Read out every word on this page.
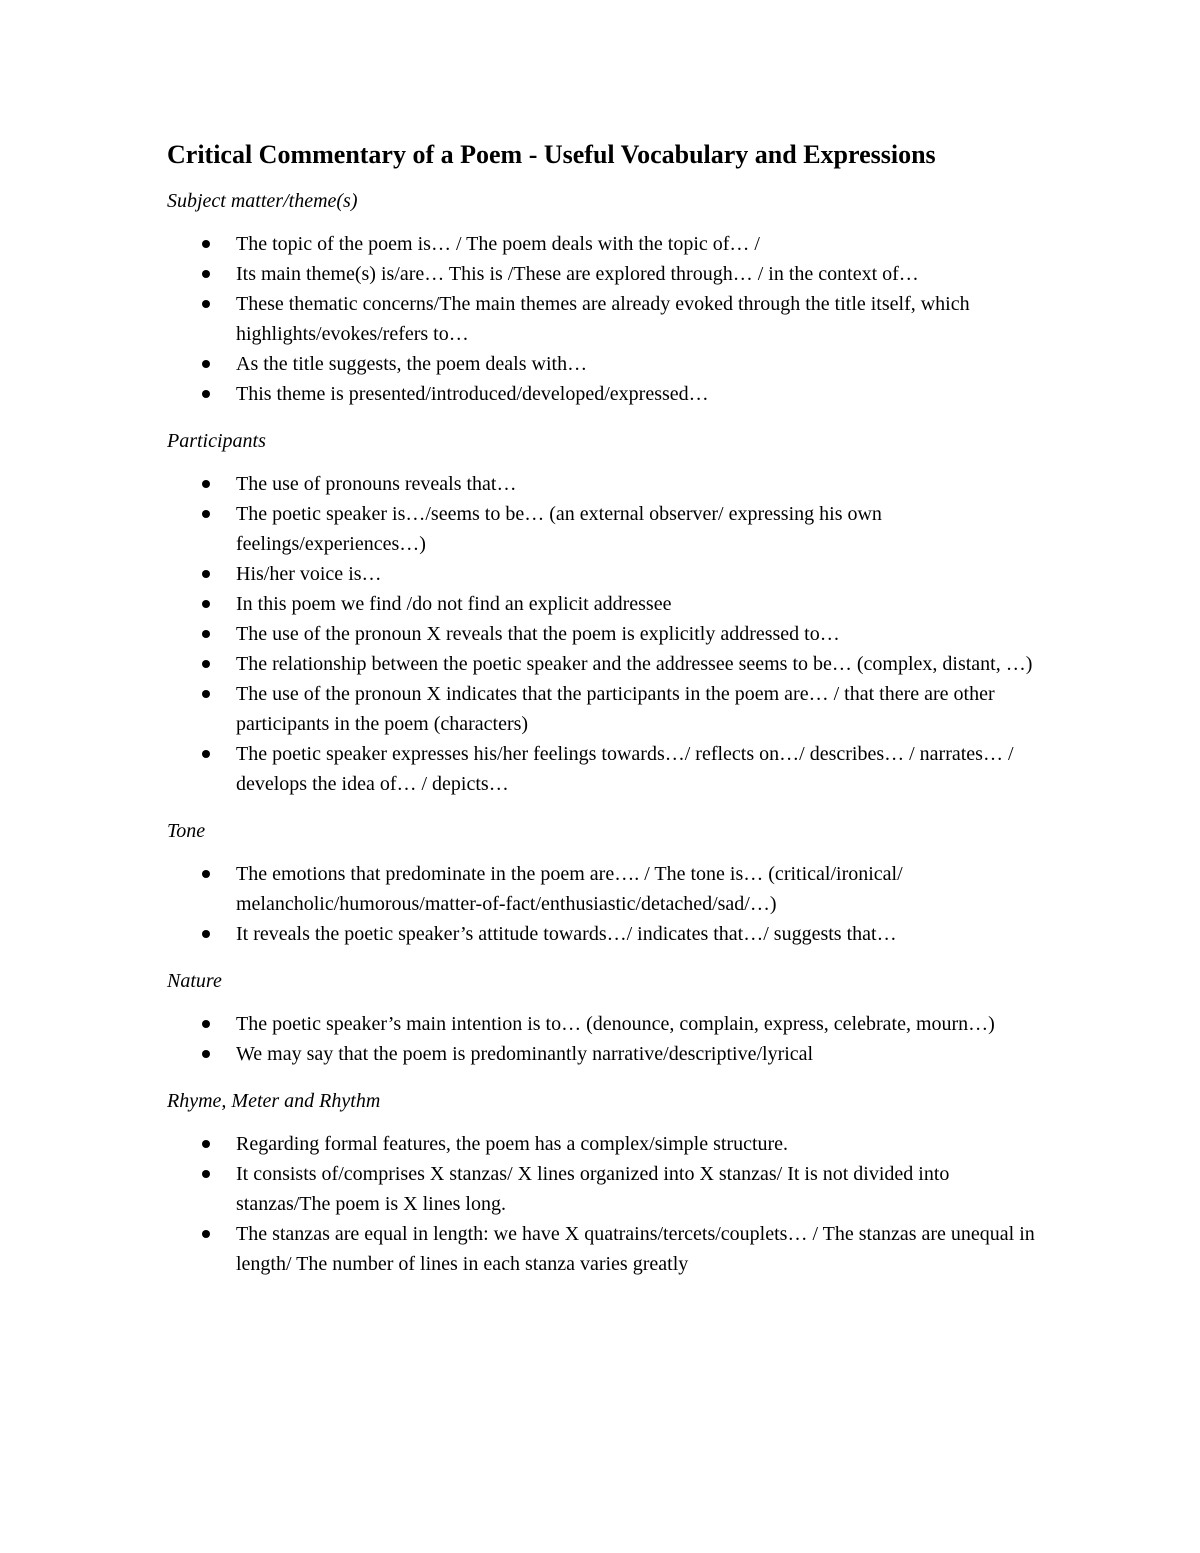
Critical Commentary of a Poem - Useful Vocabulary and Expressions
Subject matter/theme(s)
The topic of the poem is… / The poem deals with the topic of… /
Its main theme(s) is/are… This is /These are explored through… / in the context of…
These thematic concerns/The main themes are already evoked through the title itself, which highlights/evokes/refers to…
As the title suggests, the poem deals with…
This theme is presented/introduced/developed/expressed…
Participants
The use of pronouns reveals that…
The poetic speaker is…/seems to be… (an external observer/ expressing his own feelings/experiences…)
His/her voice is…
In this poem we find /do not find an explicit addressee
The use of the pronoun X reveals that the poem is explicitly addressed to…
The relationship between the poetic speaker and the addressee seems to be… (complex, distant, …)
The use of the pronoun X indicates that the participants in the poem are… / that there are other participants in the poem (characters)
The poetic speaker expresses his/her feelings towards…/ reflects on…/ describes… / narrates… / develops the idea of… / depicts…
Tone
The emotions that predominate in the poem are…. / The tone is… (critical/ironical/ melancholic/humorous/matter-of-fact/enthusiastic/detached/sad/…)
It reveals the poetic speaker’s attitude towards…/ indicates that…/ suggests that…
Nature
The poetic speaker’s main intention is to… (denounce, complain, express, celebrate, mourn…)
We may say that the poem is predominantly narrative/descriptive/lyrical
Rhyme, Meter and Rhythm
Regarding formal features, the poem has a complex/simple structure.
It consists of/comprises X stanzas/ X lines organized into X stanzas/ It is not divided into stanzas/The poem is X lines long.
The stanzas are equal in length: we have X quatrains/tercets/couplets… / The stanzas are unequal in length/ The number of lines in each stanza varies greatly
